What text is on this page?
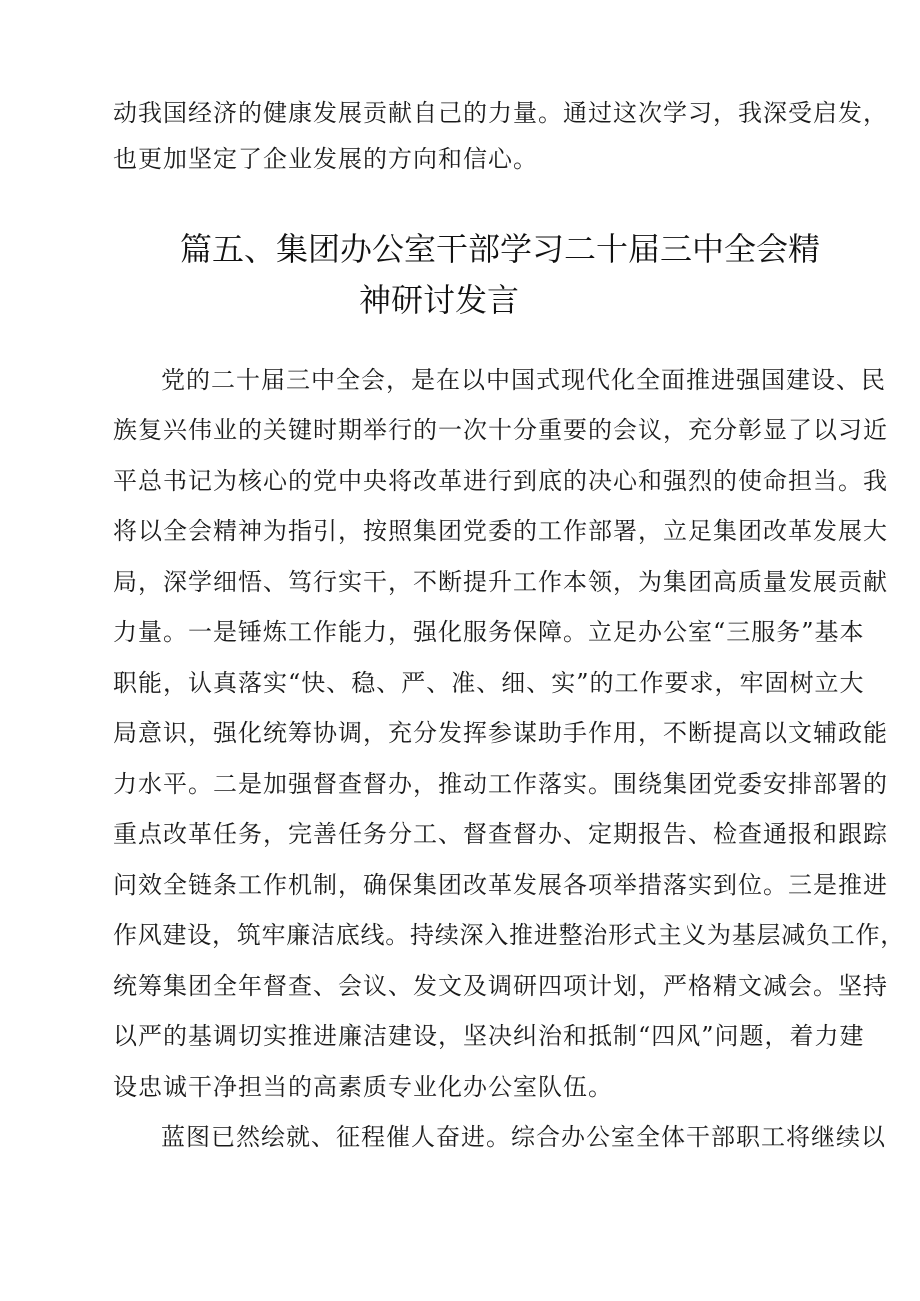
动我国经济的健康发展贡献自己的力量。通过这次学习，我深受启发，

也更加坚定了企业发展的方向和信心。

篇五、集团办公室干部学习二十届三中全会精
神研讨发言

党的二十届三中全会，是在以中国式现代化全面推进强国建设、民

族复兴伟业的关键时期举行的一次十分重要的会议，充分彰显了以习近

平总书记为核心的党中央将改革进行到底的决心和强烈的使命担当。我

将以全会精神为指引，按照集团党委的工作部署，立足集团改革发展大

局，深学细悟、笃行实干，不断提升工作本领，为集团高质量发展贡献

力量。一是锤炼工作能力，强化服务保障。立足办公室“三服务”基本

职能，认真落实“快、稳、严、准、细、实”的工作要求，牢固树立大

局意识，强化统筹协调，充分发挥参谋助手作用，不断提高以文辅政能

力水平。二是加强督查督办，推动工作落实。围绕集团党委安排部署的

重点改革任务，完善任务分工、督查督办、定期报告、检查通报和跟踪

问效全链条工作机制，确保集团改革发展各项举措落实到位。三是推进

作风建设，筑牢廉洁底线。持续深入推进整治形式主义为基层减负工作，

统筹集团全年督查、会议、发文及调研四项计划，严格精文减会。坚持

以严的基调切实推进廉洁建设，坚决纠治和抵制“四风”问题，着力建

设忠诚干净担当的高素质专业化办公室队伍。

蓝图已然绘就、征程催人奋进。综合办公室全体干部职工将继续以
